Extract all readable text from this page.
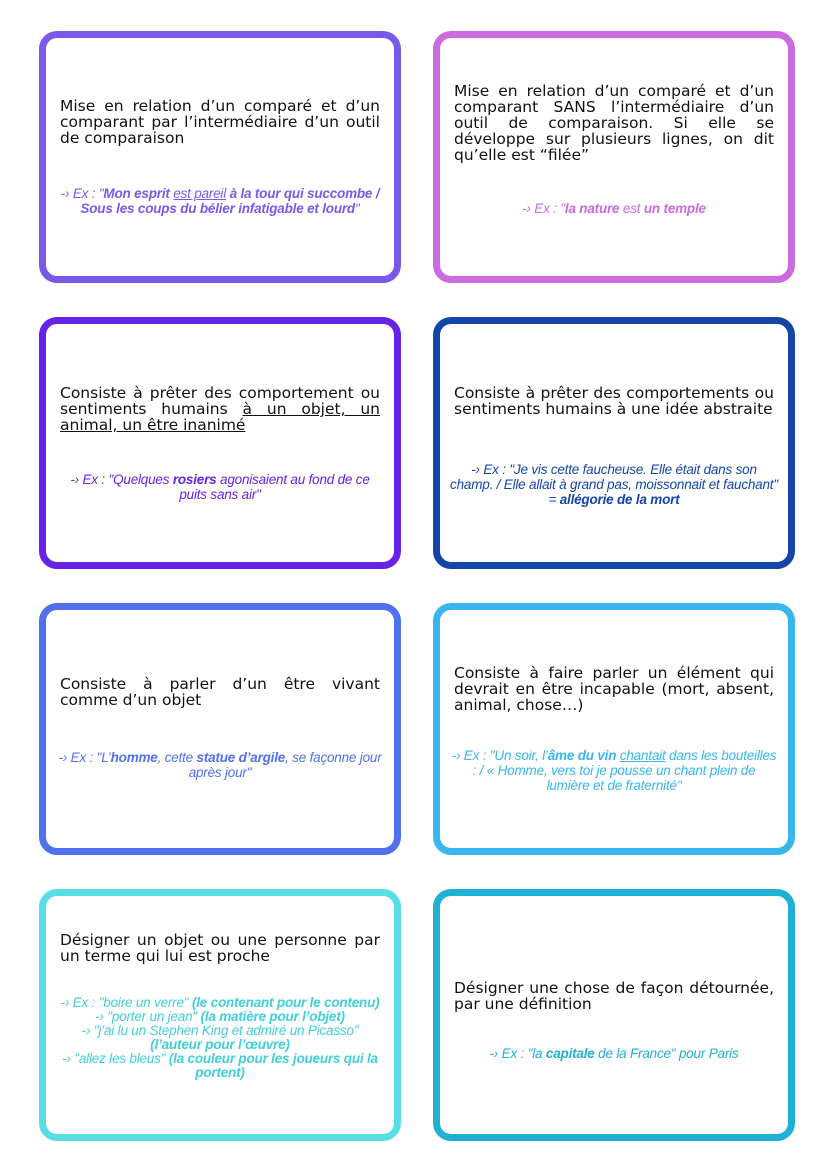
Mise en relation d’un comparé et d’un comparant par l’intermédiaire d’un outil de comparaison
-› Ex : "Mon esprit est pareil à la tour qui succombe / Sous les coups du bélier infatigable et lourd"
Mise en relation d’un comparé et d’un comparant SANS l’intermédiaire d’un outil de comparaison. Si elle se développe sur plusieurs lignes, on dit qu’elle est “filée”
-› Ex : "la nature est un temple
Consiste à prêter des comportement ou sentiments humains à un objet, un animal, un être inanimé
-› Ex : "Quelques rosiers agonisaient au fond de ce puits sans air"
Consiste à prêter des comportements ou sentiments humains à une idée abstraite
-› Ex : "Je vis cette faucheuse. Elle était dans son champ. / Elle allait à grand pas, moissonnait et fauchant" = allégorie de la mort
Consiste à parler d’un être vivant comme d’un objet
-› Ex : "L’homme, cette statue d’argile, se façonne jour après jour"
Consiste à faire parler un élément qui devrait en être incapable (mort, absent, animal, chose…)
-› Ex : "Un soir, l’âme du vin chantait dans les bouteilles : / « Homme, vers toi je pousse un chant plein de lumière et de fraternité"
Désigner un objet ou une personne par un terme qui lui est proche
-› Ex : "boire un verre" (le contenant pour le contenu)
-› "porter un jean" (la matière pour l’objet)
-› "j’ai lu un Stephen King et admiré un Picasso" (l’auteur pour l’œuvre)
-› "allez les bleus" (la couleur pour les joueurs qui la portent)
Désigner une chose de façon détournée, par une définition
-› Ex : "la capitale de la France" pour Paris
